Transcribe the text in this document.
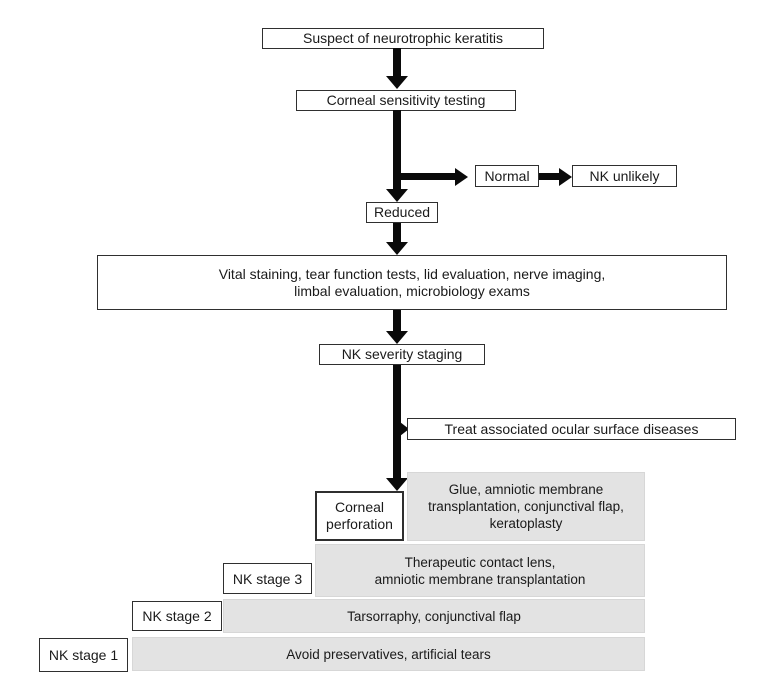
Suspect of neurotrophic keratitis
Corneal sensitivity testing
Normal	NK unlikely
Reduced
Vital staining, tear function tests, lid evaluation, nerve imaging,
limbal evaluation, microbiology exams
NK severity staging
Treat associated ocular surface diseases
Glue, amniotic membrane
transplantation, conjunctival flap,
keratoplasty
Corneal perforation
Therapeutic contact lens,
amniotic membrane transplantation
NK stage 3
Tarsorraphy, conjunctival flap
NK stage 2
Avoid preservatives, artificial tears
NK stage 1
